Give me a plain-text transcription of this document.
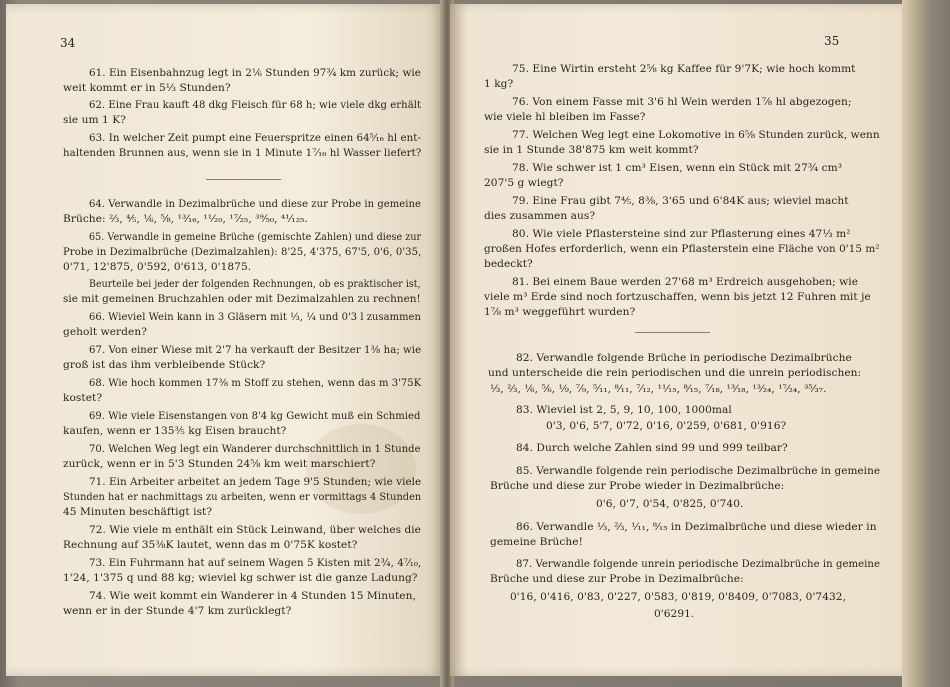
34
61. Ein Eisenbahnzug legt in 2⅙ Stunden 97¾ km zurück; wie
weit kommt er in 5⅓ Stunden?
62. Eine Frau kauft 48 dkg Fleisch für 68 h; wie viele dkg erhält
sie um 1 K?
63. In welcher Zeit pumpt eine Feuerspritze einen 64⁵⁄₁₆ hl ent-
haltenden Brunnen aus, wenn sie in 1 Minute 1⁷⁄₁₆ hl Wasser liefert?
64. Verwandle in Dezimalbrüche und diese zur Probe in gemeine
Brüche: ⅔, ⅘, ⅙, ⅝, ¹³⁄₁₆, ¹¹⁄₂₀, ¹⁷⁄₂₅, ³⁹⁄₅₀, ⁴¹⁄₁₂₅.
65. Verwandle in gemeine Brüche (gemischte Zahlen) und diese zur
Probe in Dezimalbrüche (Dezimalzahlen): 8'25, 4'375, 67'5, 0'6, 0'35,
0'71, 12'875, 0'592, 0'613, 0'1875.
Beurteile bei jeder der folgenden Rechnungen, ob es praktischer ist,
sie mit gemeinen Bruchzahlen oder mit Dezimalzahlen zu rechnen!
66. Wieviel Wein kann in 3 Gläsern mit ⅓, ¼ und 0'3 l zusammen
geholt werden?
67. Von einer Wiese mit 2'7 ha verkauft der Besitzer 1⅜ ha; wie
groß ist das ihm verbleibende Stück?
68. Wie hoch kommen 17⅜ m Stoff zu stehen, wenn das m 3'75K
kostet?
69. Wie viele Eisenstangen von 8'4 kg Gewicht muß ein Schmied
kaufen, wenn er 135⅗ kg Eisen braucht?
70. Welchen Weg legt ein Wanderer durchschnittlich in 1 Stunde
zurück, wenn er in 5'3 Stunden 24⅝ km weit marschiert?
71. Ein Arbeiter arbeitet an jedem Tage 9'5 Stunden; wie viele
Stunden hat er nachmittags zu arbeiten, wenn er vormittags 4 Stunden
45 Minuten beschäftigt ist?
72. Wie viele m enthält ein Stück Leinwand, über welches die
Rechnung auf 35⅜K lautet, wenn das m 0'75K kostet?
73. Ein Fuhrmann hat auf seinem Wagen 5 Kisten mit 2¾, 4⁷⁄₁₀,
1'24, 1'375 q und 88 kg; wieviel kg schwer ist die ganze Ladung?
74. Wie weit kommt ein Wanderer in 4 Stunden 15 Minuten,
wenn er in der Stunde 4'7 km zurücklegt?
35
75. Eine Wirtin ersteht 2⅝ kg Kaffee für 9'7K; wie hoch kommt
1 kg?
76. Von einem Fasse mit 3'6 hl Wein werden 1⅞ hl abgezogen;
wie viele hl bleiben im Fasse?
77. Welchen Weg legt eine Lokomotive in 6⅝ Stunden zurück, wenn
sie in 1 Stunde 38'875 km weit kommt?
78. Wie schwer ist 1 cm³ Eisen, wenn ein Stück mit 27¾ cm³
207'5 g wiegt?
79. Eine Frau gibt 7⅘, 8⅜, 3'65 und 6'84K aus; wieviel macht
dies zusammen aus?
80. Wie viele Pflastersteine sind zur Pflasterung eines 47⅓ m²
großen Hofes erforderlich, wenn ein Pflasterstein eine Fläche von 0'15 m²
bedeckt?
81. Bei einem Baue werden 27'68 m³ Erdreich ausgehoben; wie
viele m³ Erde sind noch fortzuschaffen, wenn bis jetzt 12 Fuhren mit je
1⅞ m³ weggeführt wurden?
82. Verwandle folgende Brüche in periodische Dezimalbrüche
und unterscheide die rein periodischen und die unrein periodischen:
⅓, ⅔, ⅙, ⅚, ⅑, ⁷⁄₉, ⁵⁄₁₁, ⁸⁄₁₁, ⁷⁄₁₂, ¹¹⁄₁₅, ⁸⁄₁₅, ⁷⁄₁₈, ¹³⁄₁₈, ¹³⁄₂₄, ¹⁷⁄₂₄, ³⁵⁄₃₇.
83. Wieviel ist 2, 5, 9, 10, 100, 1000mal
0'3, 0'6, 5'7, 0'72, 0'16, 0'259, 0'681, 0'916?
84. Durch welche Zahlen sind 99 und 999 teilbar?
85. Verwandle folgende rein periodische Dezimalbrüche in gemeine
Brüche und diese zur Probe wieder in Dezimalbrüche:
0'6, 0'7, 0'54, 0'825, 0'740.
86. Verwandle ⅓, ⅔, ¹⁄₁₁, ⁸⁄₁₅ in Dezimalbrüche und diese wieder in
gemeine Brüche!
87. Verwandle folgende unrein periodische Dezimalbrüche in gemeine
Brüche und diese zur Probe in Dezimalbrüche:
0'16, 0'416, 0'83, 0'227, 0'583, 0'819, 0'8409, 0'7083, 0'7432,
0'6291.
